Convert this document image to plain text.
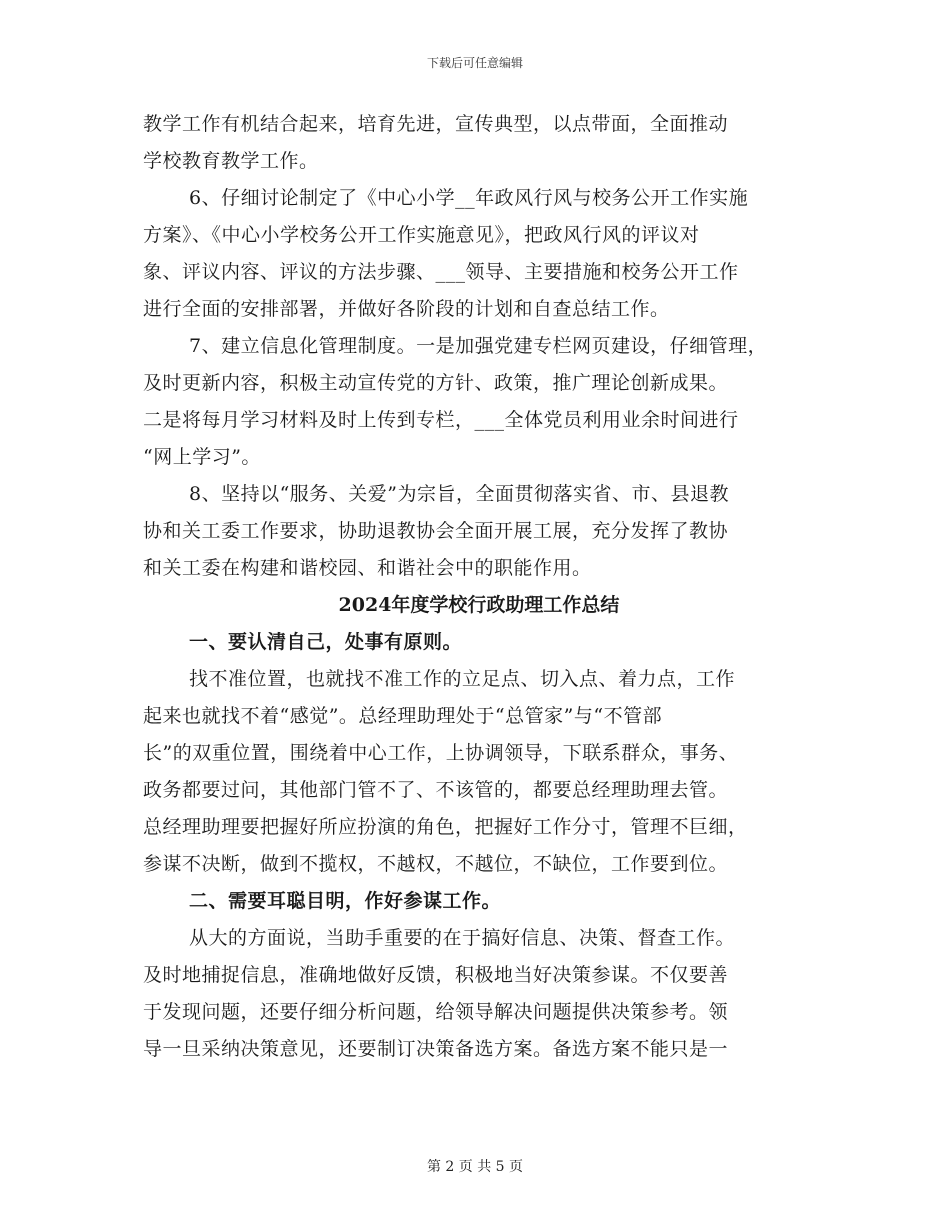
下载后可任意编辑
教学工作有机结合起来，培育先进，宣传典型，以点带面，全面推动
学校教育教学工作。
6、仔细讨论制定了《中心小学__年政风行风与校务公开工作实施
方案》、《中心小学校务公开工作实施意见》，把政风行风的评议对
象、评议内容、评议的方法步骤、___领导、主要措施和校务公开工作
进行全面的安排部署，并做好各阶段的计划和自查总结工作。
7、建立信息化管理制度。一是加强党建专栏网页建设，仔细管理，
及时更新内容，积极主动宣传党的方针、政策，推广理论创新成果。
二是将每月学习材料及时上传到专栏，___全体党员利用业余时间进行
“网上学习”。
8、坚持以“服务、关爱”为宗旨，全面贯彻落实省、市、县退教
协和关工委工作要求，协助退教协会全面开展工展，充分发挥了教协
和关工委在构建和谐校园、和谐社会中的职能作用。
2024年度学校行政助理工作总结
一、要认清自己，处事有原则。
找不准位置，也就找不准工作的立足点、切入点、着力点，工作
起来也就找不着“感觉”。总经理助理处于“总管家”与“不管部
长”的双重位置，围绕着中心工作，上协调领导，下联系群众，事务、
政务都要过问，其他部门管不了、不该管的，都要总经理助理去管。
总经理助理要把握好所应扮演的角色，把握好工作分寸，管理不巨细，
参谋不决断，做到不揽权，不越权，不越位，不缺位，工作要到位。
二、需要耳聪目明，作好参谋工作。
从大的方面说，当助手重要的在于搞好信息、决策、督查工作。
及时地捕捉信息，准确地做好反馈，积极地当好决策参谋。不仅要善
于发现问题，还要仔细分析问题，给领导解决问题提供决策参考。领
导一旦采纳决策意见，还要制订决策备选方案。备选方案不能只是一
第 2 页 共 5 页
